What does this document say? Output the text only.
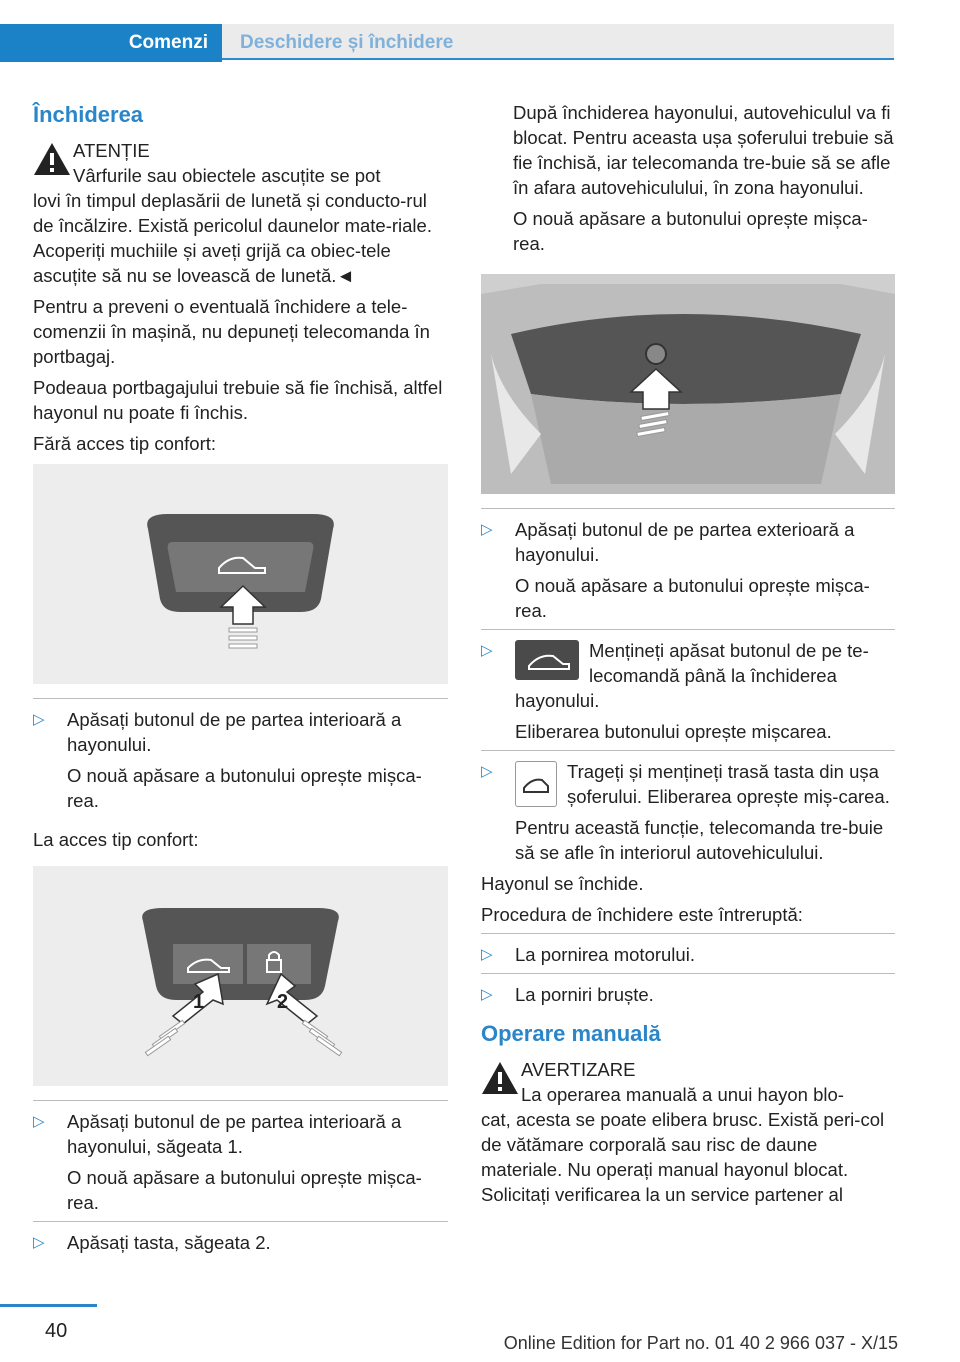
Comenzi	Deschidere și închidere
Închiderea
ATENȚIE
Vârfurile sau obiectele ascuțite se pot
lovi în timpul deplasării de lunetă și conducto-rul de încălzire. Există pericolul daunelor mate-riale. Acoperiți muchiile și aveți grijă ca obiec-tele ascuțite să nu se lovească de lunetă.◄

Pentru a preveni o eventuală închidere a tele-comenzii în mașină, nu depuneți telecomanda în portbagaj.

Podeaua portbagajului trebuie să fie închisă, altfel hayonul nu poate fi închis.

Fără acces tip confort:

▷ Apăsați butonul de pe partea interioară a hayonului.

O nouă apăsare a butonului oprește mișca-rea.

La acces tip confort:

1	2
▷ Apăsați butonul de pe partea interioară a hayonului, săgeata 1.

O nouă apăsare a butonului oprește mișca-rea.

▷ Apăsați tasta, săgeata 2.

După închiderea hayonului, autovehiculul va fi blocat. Pentru aceasta ușa șoferului trebuie să fie închisă, iar telecomanda tre-buie să se afle în afara autovehiculului, în zona hayonului.

O nouă apăsare a butonului oprește mișca-rea.

▷ Apăsați butonul de pe partea exterioară a hayonului.

O nouă apăsare a butonului oprește mișca-rea.

▷	Mențineți apăsat butonul de pe te-lecomandă până la închiderea hayonului.

Eliberarea butonului oprește mișcarea.

▷	Trageți și mențineți trasă tasta din ușa șoferului. Eliberarea oprește miș-carea.

Pentru această funcție, telecomanda tre-buie să se afle în interiorul autovehiculului.

Hayonul se închide.

Procedura de închidere este întreruptă:

▷ La pornirea motorului.

▷ La porniri bruște.

Operare manuală
AVERTIZARE
La operarea manuală a unui hayon blo-
cat, acesta se poate elibera brusc. Există peri-col de vătămare corporală sau risc de daune materiale. Nu operați manual hayonul blocat. Solicitați verificarea la un service partener al
40
Online Edition for Part no. 01 40 2 966 037 - X/15
